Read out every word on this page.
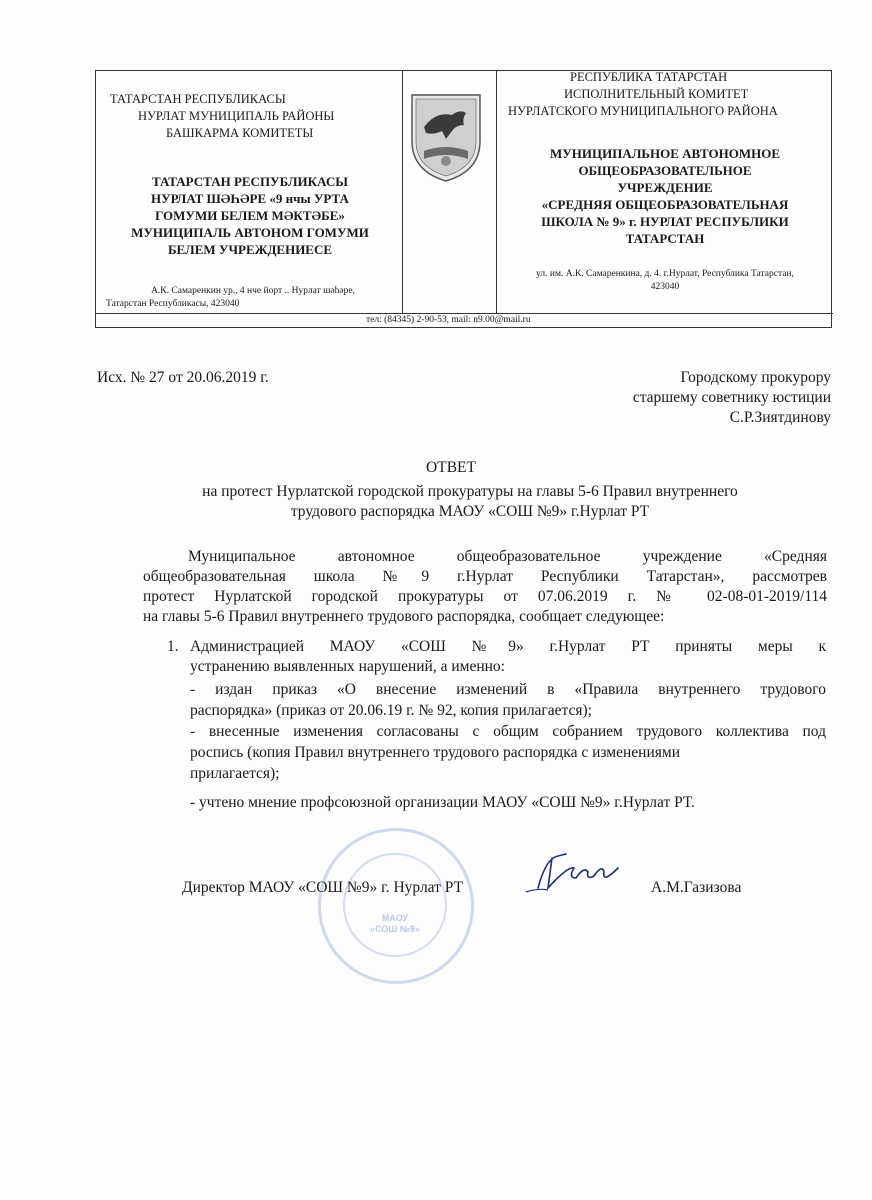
ТАТАРСТАН РЕСПУБЛИКАСЫ
НУРЛАТ МУНИЦИПАЛЬ РАЙОНЫ
БАШКАРМА КОМИТЕТЫ
ТАТАРСТАН РЕСПУБЛИКАСЫ
НУРЛАТ ШӘҺӘРЕ «9 нчы УРТА
ГОМУМИ БЕЛЕМ МӘКТӘБЕ»
МУНИЦИПАЛЬ АВТОНОМ ГОМУМИ
БЕЛЕМ УЧРЕЖДЕНИЕСЕ
А.К. Самаренкин ур., 4 нче йорт .. Нурлат шәһәре,
Татарстан Республикасы, 423040
РЕСПУБЛИКА ТАТАРСТАН
ИСПОЛНИТЕЛЬНЫЙ КОМИТЕТ
НУРЛАТСКОГО МУНИЦИПАЛЬНОГО РАЙОНА
МУНИЦИПАЛЬНОЕ АВТОНОМНОЕ
ОБЩЕОБРАЗОВАТЕЛЬНОЕ
УЧРЕЖДЕНИЕ
«СРЕДНЯЯ ОБЩЕОБРАЗОВАТЕЛЬНАЯ
ШКОЛА № 9» г. НУРЛАТ РЕСПУБЛИКИ
ТАТАРСТАН
ул. им. А.К. Самаренкина, д. 4. г.Нурлат, Республика Татарстан,
423040
тел: (84345) 2-90-53, mail: n9.00@mail.ru
Исх. № 27 от 20.06.2019 г.	Городскому прокурору
старшему советнику юстиции
С.Р.Зиятдинову
ОТВЕТ
на протест Нурлатской городской прокуратуры на главы 5-6 Правил внутреннего
трудового распорядка МАОУ «СОШ №9» г.Нурлат РТ
Муниципальное автономное общеобразовательное учреждение «Средняя
общеобразовательная школа №9 г.Нурлат Республики Татарстан», рассмотрев
протест Нурлатской городской прокуратуры от 07.06.2019 г. № 02-08-01-2019/114
на главы 5-6 Правил внутреннего трудового распорядка, сообщает следующее:
1. Администрацией МАОУ «СОШ №9» г.Нурлат РТ приняты меры к
устранению выявленных нарушений, а именно:
- издан приказ «О внесение изменений в «Правила внутреннего трудового
распорядка» (приказ от 20.06.19 г. № 92, копия прилагается);
- внесенные изменения согласованы с общим собранием трудового коллектива под
роспись (копия Правил внутреннего трудового распорядка с изменениями
прилагается);
- учтено мнение профсоюзной организации МАОУ «СОШ №9» г.Нурлат РТ.
МАОУ
«СОШ №9»
Директор МАОУ «СОШ №9» г. Нурлат РТ	А.М.Газизова
